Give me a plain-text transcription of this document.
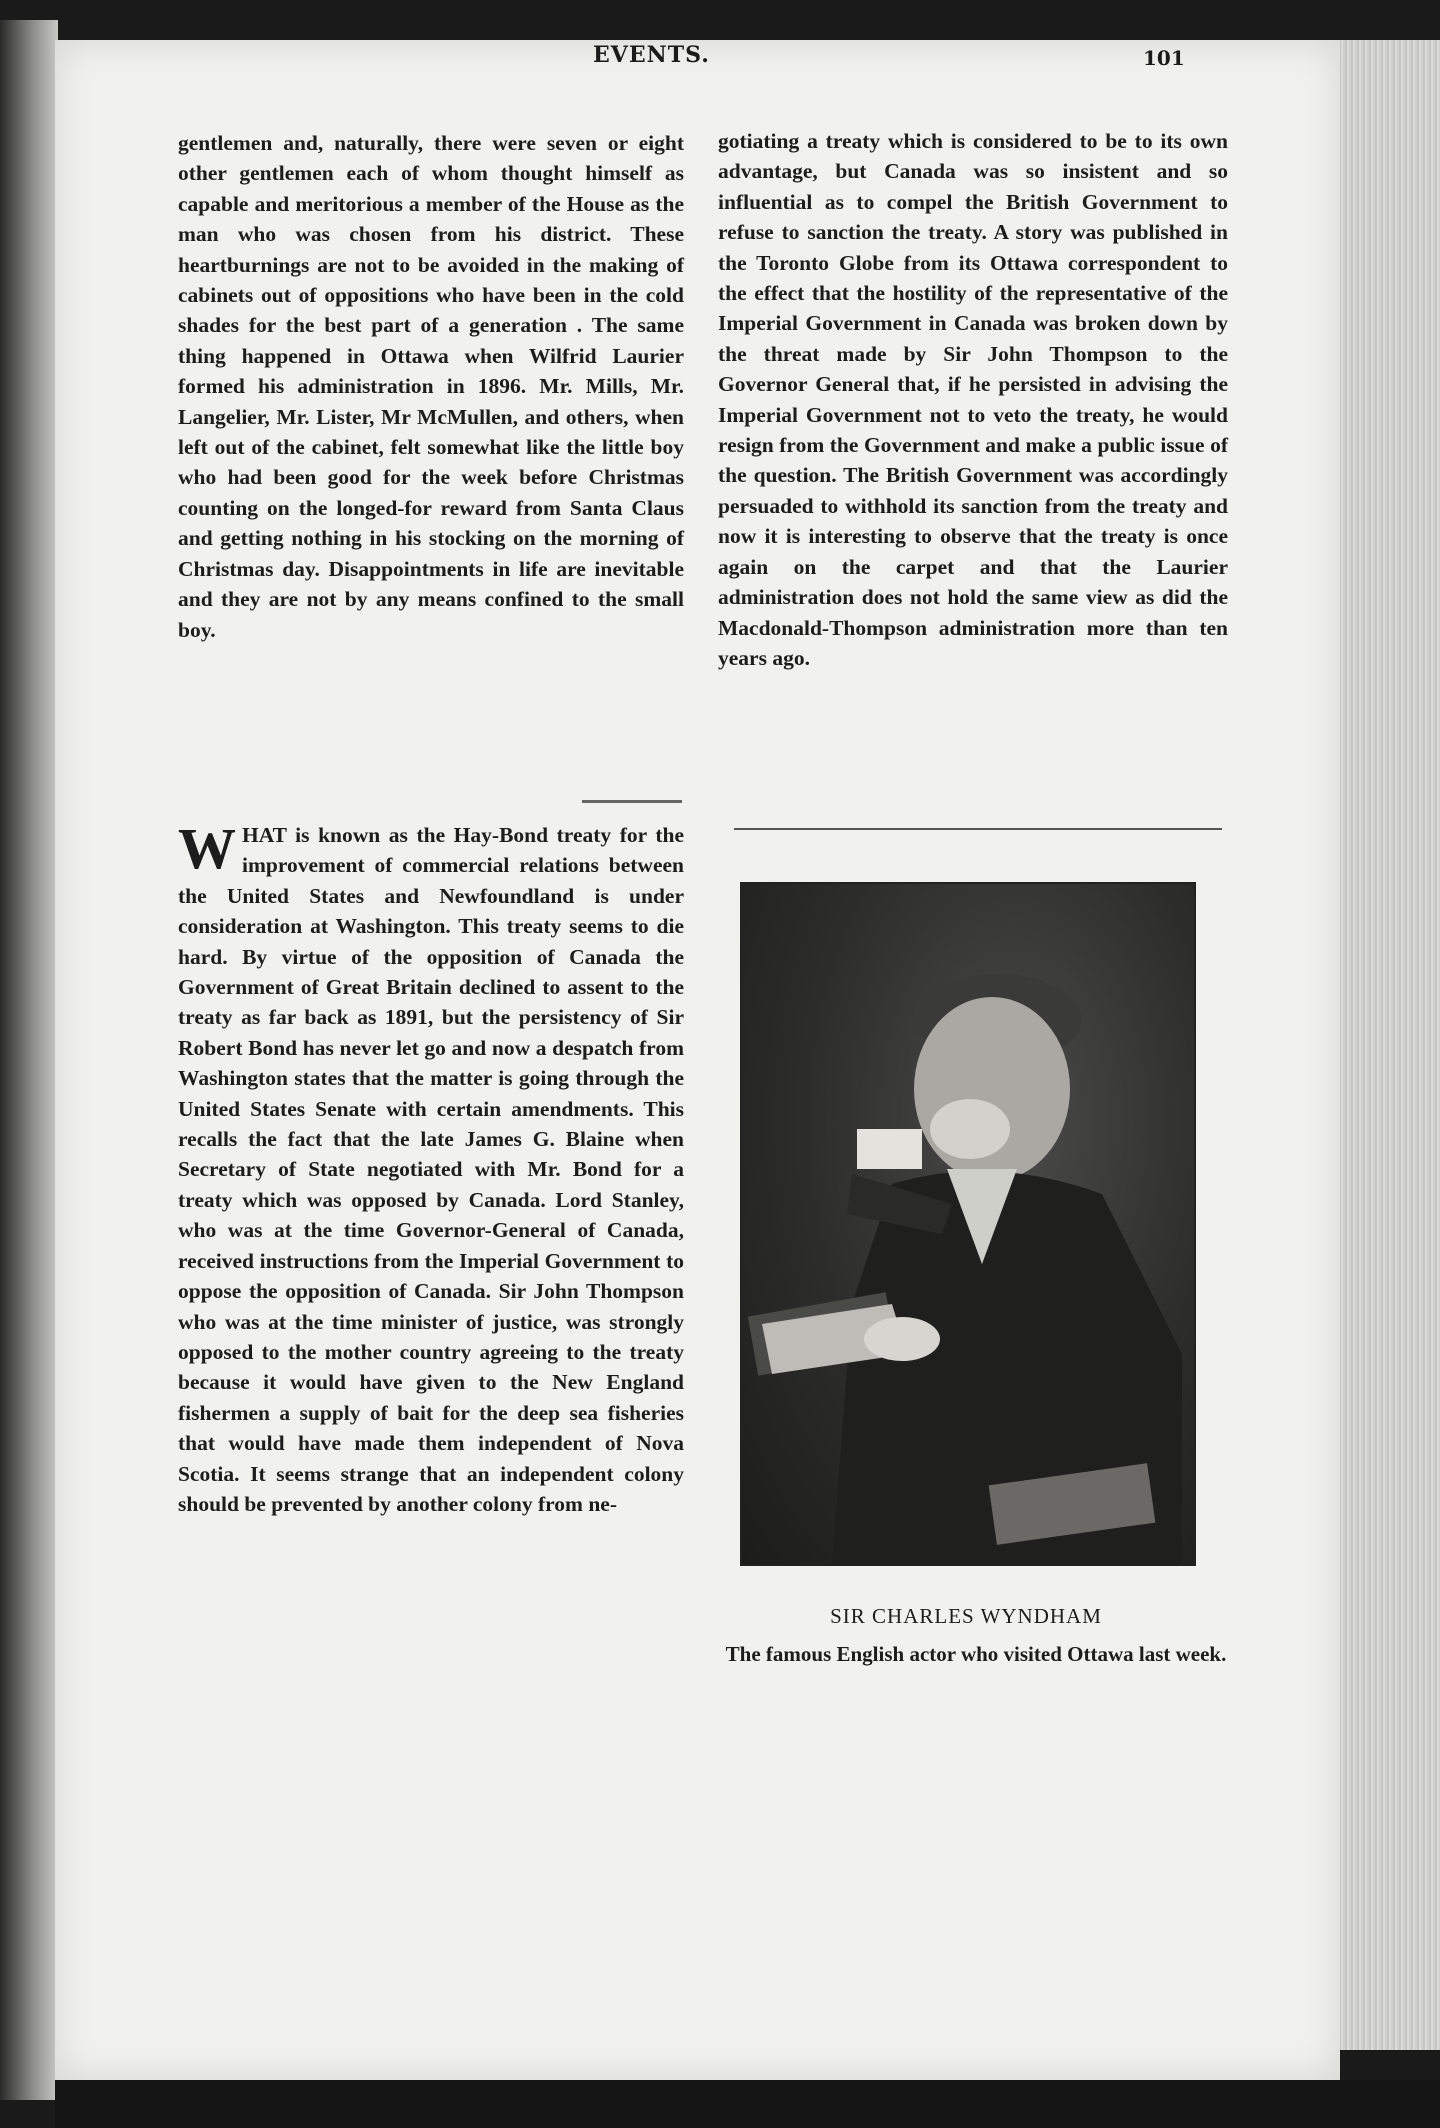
EVENTS.	101
gentlemen and, naturally, there were seven or eight other gentlemen each of whom thought himself as capable and meritorious a member of the House as the man who was chosen from his district. These heartburnings are not to be avoided in the making of cabinets out of oppositions who have been in the cold shades for the best part of a generation . The same thing happened in Ottawa when Wilfrid Laurier formed his administration in 1896. Mr. Mills, Mr. Langelier, Mr. Lister, Mr McMullen, and others, when left out of the cabinet, felt somewhat like the little boy who had been good for the week before Christmas counting on the longed-for reward from Santa Claus and getting nothing in his stocking on the morning of Christmas day. Disappointments in life are inevitable and they are not by any means confined to the small boy.
WHAT is known as the Hay-Bond treaty for the improvement of commercial relations between the United States and Newfoundland is under consideration at Washington. This treaty seems to die hard. By virtue of the opposition of Canada the Government of Great Britain declined to assent to the treaty as far back as 1891, but the persistency of Sir Robert Bond has never let go and now a despatch from Washington states that the matter is going through the United States Senate with certain amendments. This recalls the fact that the late James G. Blaine when Secretary of State negotiated with Mr. Bond for a treaty which was opposed by Canada. Lord Stanley, who was at the time Governor-General of Canada, received instructions from the Imperial Government to oppose the opposition of Canada. Sir John Thompson who was at the time minister of justice, was strongly opposed to the mother country agreeing to the treaty because it would have given to the New England fishermen a supply of bait for the deep sea fisheries that would have made them independent of Nova Scotia. It seems strange that an independent colony should be prevented by another colony from ne-
gotiating a treaty which is considered to be to its own advantage, but Canada was so insistent and so influential as to compel the British Government to refuse to sanction the treaty. A story was published in the Toronto Globe from its Ottawa correspondent to the effect that the hostility of the representative of the Imperial Government in Canada was broken down by the threat made by Sir John Thompson to the Governor General that, if he persisted in advising the Imperial Government not to veto the treaty, he would resign from the Government and make a public issue of the question. The British Government was accordingly persuaded to withhold its sanction from the treaty and now it is interesting to observe that the treaty is once again on the carpet and that the Laurier administration does not hold the same view as did the Macdonald-Thompson administration more than ten years ago.
SIR CHARLES WYNDHAM
The famous English actor who visited Ottawa last week.
